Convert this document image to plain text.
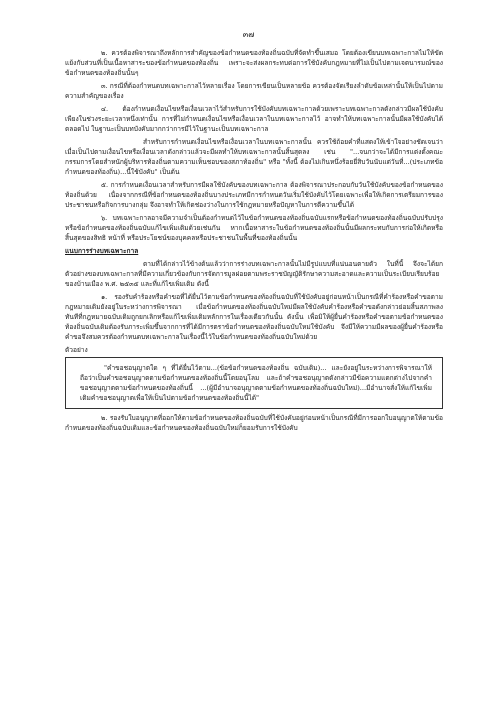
๓๗

๒. ควรต้องพิจารณาถึงหลักการสำคัญของข้อกำหนดของท้องถิ่นฉบับที่จัดทำขึ้นเสมอ โดยต้องเขียนบทเฉพาะกาลไม่ให้ขัดแย้งกับส่วนที่เป็นเนื้อหาสาระของข้อกำหนดของท้องถิ่น เพราะจะส่งผลกระทบต่อการใช้บังคับกฎหมายที่ไม่เป็นไปตามเจตนารมณ์ของข้อกำหนดของท้องถิ่นนั้นๆ

๓. กรณีที่ต้องกำหนดบทเฉพาะกาลไว้หลายเรื่อง โดยการเขียนเป็นหลายข้อ ควรต้องจัดเรียงลำดับข้อเหล่านั้นให้เป็นไปตามความสำคัญของเรื่อง

๔. ต้องกำหนดเงื่อนไขหรือเงื่อนเวลาไว้สำหรับการใช้บังคับบทเฉพาะกาลด้วยเพราะบทเฉพาะกาลดังกล่าวมีผลใช้บังคับเพียงในช่วงระยะเวลาหนึ่งเท่านั้น การที่ไม่กำหนดเงื่อนไขหรือเงื่อนเวลาในบทเฉพาะกาลไว้ อาจทำให้บทเฉพาะกาลนั้นมีผลใช้บังคับได้ตลอดไป ในฐานะเป็นบทบังคับมากกว่าการมีไว้ในฐานะเป็นบทเฉพาะกาล

สำหรับการกำหนดเงื่อนไขหรือเงื่อนเวลาในบทเฉพาะกาลนั้น ควรใช้ถ้อยคำที่แสดงให้เข้าใจอย่างชัดเจนว่า เมื่อเป็นไปตามเงื่อนไขหรือเงื่อนเวลาดังกล่าวแล้วจะมีผลทำให้บทเฉพาะกาลนั้นสิ้นสุดลง เช่น "...จนกว่าจะได้มีการแต่งตั้งคณะกรรมการโดยสำหนักผู้บริหารท้องถิ่นตามความเห็นชอบของสภาท้องถิ่น" หรือ "ทั้งนี้ ต้องไม่เกินหนึ่งร้อยยี่สิบวันนับแต่วันที่...(ประเภทข้อกำหนดของท้องถิ่น)...นี้ใช้บังคับ" เป็นต้น

๕. การกำหนดเงื่อนเวลาสำหรับการมีผลใช้บังคับของบทเฉพาะกาล ต้องพิจารณาประกอบกับวันใช้บังคับของข้อกำหนดของท้องถิ่นด้วย เนื่องจากกรณีที่ข้อกำหนดของท้องถิ่นบางประเภทมีการกำหนดวันเริ่มใช้บังคับไว้โดยเฉพาะเพื่อให้เกิดการเตรียมการของประชาชนหรือกิจการบางกลุ่ม จึงอาจทำให้เกิดช่องว่างในการใช้กฎหมายหรือปัญหาในการตีความขึ้นได้

๖. บทเฉพาะกาลอาจมีความจำเป็นต้องกำหนดไว้ในข้อกำหนดของท้องถิ่นฉบับแรกหรือข้อกำหนดของท้องถิ่นฉบับปรับปรุงหรือข้อกำหนดของท้องถิ่นฉบับแก้ไขเพิ่มเติมด้วยเช่นกัน หากเนื้อหาสาระในข้อกำหนดของท้องถิ่นนั้นมีผลกระทบกับการก่อให้เกิดหรือสิ้นสุดของสิทธิ หน้าที่ หรือประโยชน์ของบุคคลหรือประชาชนในพื้นที่ของท้องถิ่นนั้น

แนบการร่างบทเฉพาะกาล

ตามที่ได้กล่าวไว้ข้างต้นแล้วว่าการร่างบทเฉพาะกาลนั้นไม่มีรูปแบบที่แน่นอนตายตัว ในที่นี้ จึงจะได้ยกตัวอย่างของบทเฉพาะกาลที่มีความเกี่ยวข้องกับการจัดการมูลฝอยตามพระราชบัญญัติรักษาความสะอาดและความเป็นระเบียบเรียบร้อยของบ้านเมือง พ.ศ. ๒๕๓๕ และที่แก้ไขเพิ่มเติม ดังนี้

๑. รองรับคำร้องหรือคำขอที่ได้ยื่นไว้ตามข้อกำหนดของท้องถิ่นฉบับที่ใช้บังคับอยู่ก่อนหน้าเป็นกรณีที่คำร้องหรือคำขอตามกฎหมายเดิมยังอยู่ในระหว่างการพิจารณา เมื่อข้อกำหนดของท้องถิ่นฉบับใหม่มีผลใช้บังคับคำร้องหรือคำขอดังกล่าวย่อมสิ้นสภาพลงทันทีที่กฎหมายฉบับเดิมถูกยกเลิกหรือแก้ไขเพิ่มเติมหลักการในเรื่องเดียวกันนั้น ดังนั้น เพื่อมิให้ผู้ยื่นคำร้องหรือคำขอตามข้อกำหนดของท้องถิ่นฉบับเดิมต้องรับภาระเพิ่มขึ้นจากการที่ได้มีการตราข้อกำหนดของท้องถิ่นฉบับใหม่ใช้บังคับ จึงมีให้ความมีผลของผู้ยื่นคำร้องหรือคำขอจึงสมควรต้องกำหนดบทเฉพาะกาลในเรื่องนี้ไว้ในข้อกำหนดของท้องถิ่นฉบับใหม่ด้วย

ตัวอย่าง

"คำขอชอนุญาตใด ๆ ที่ได้ยื่นไว้ตาม...(ข้อข้อกำหนดของท้องถิ่น ฉบับเดิม)... และยังอยู่ในระหว่างการพิจารณาให้ถือว่าเป็นคำขอชอนุญาตตามข้อกำหนดของท้องถิ่นนี้โดยอนุโลม และถ้าคำขอชอนุญาตดังกล่าวมีข้อความแตกต่างไปจากคำขอชอนุญาตตามข้อกำหนดของท้องถิ่นนี้ ...(ผู้มีอำนาจอนุญาตตามข้อกำหนดของท้องถิ่นฉบับใหม่)...มีอำนาจสั่งให้แก้ไขเพิ่มเติมคำขอชอนุญาตเพื่อให้เป็นไปตามข้อกำหนดของท้องถิ่นนี้ได้"

๒. รองรับใบอนุญาตที่ออกให้ตามข้อกำหนดของท้องถิ่นฉบับที่ใช้บังคับอยู่ก่อนหน้าเป็นกรณีที่มีการออกใบอนุญาตให้ตามข้อกำหนดของท้องถิ่นฉบับเดิมและข้อกำหนดของท้องถิ่นฉบับใหม่ก็ยอมรับการใช้บังคับ
